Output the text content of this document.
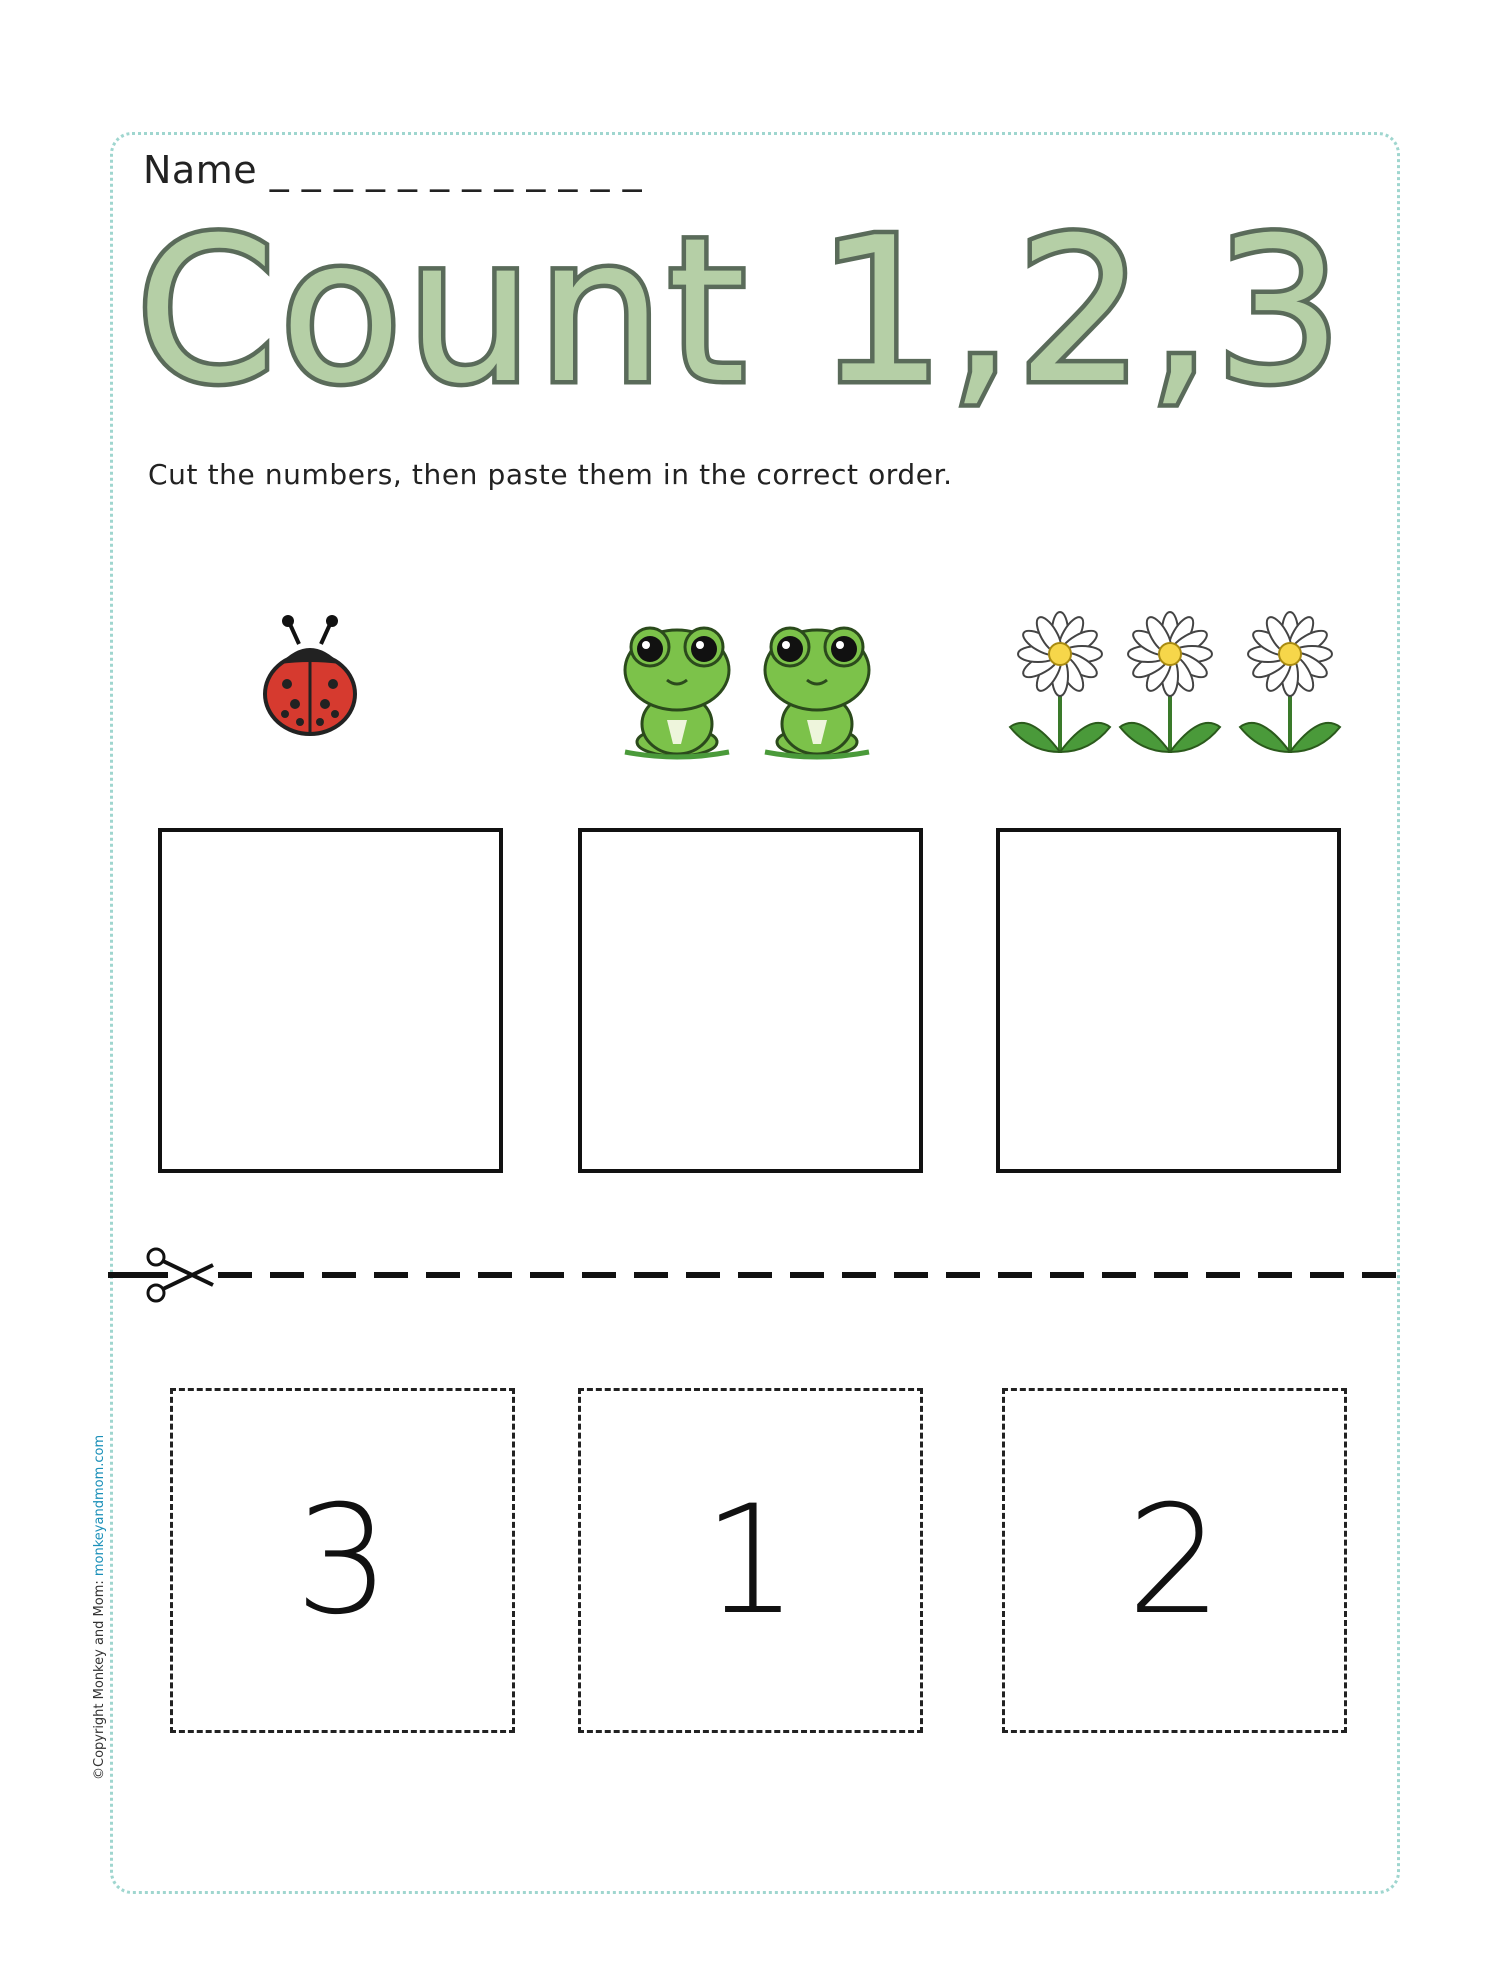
Name _ _ _ _ _ _ _ _ _ _ _ _
Count 1,2,3
Cut the numbers, then paste them in the correct order.
3 1 2
©Copyright Monkey and Mom: monkeyandmom.com
